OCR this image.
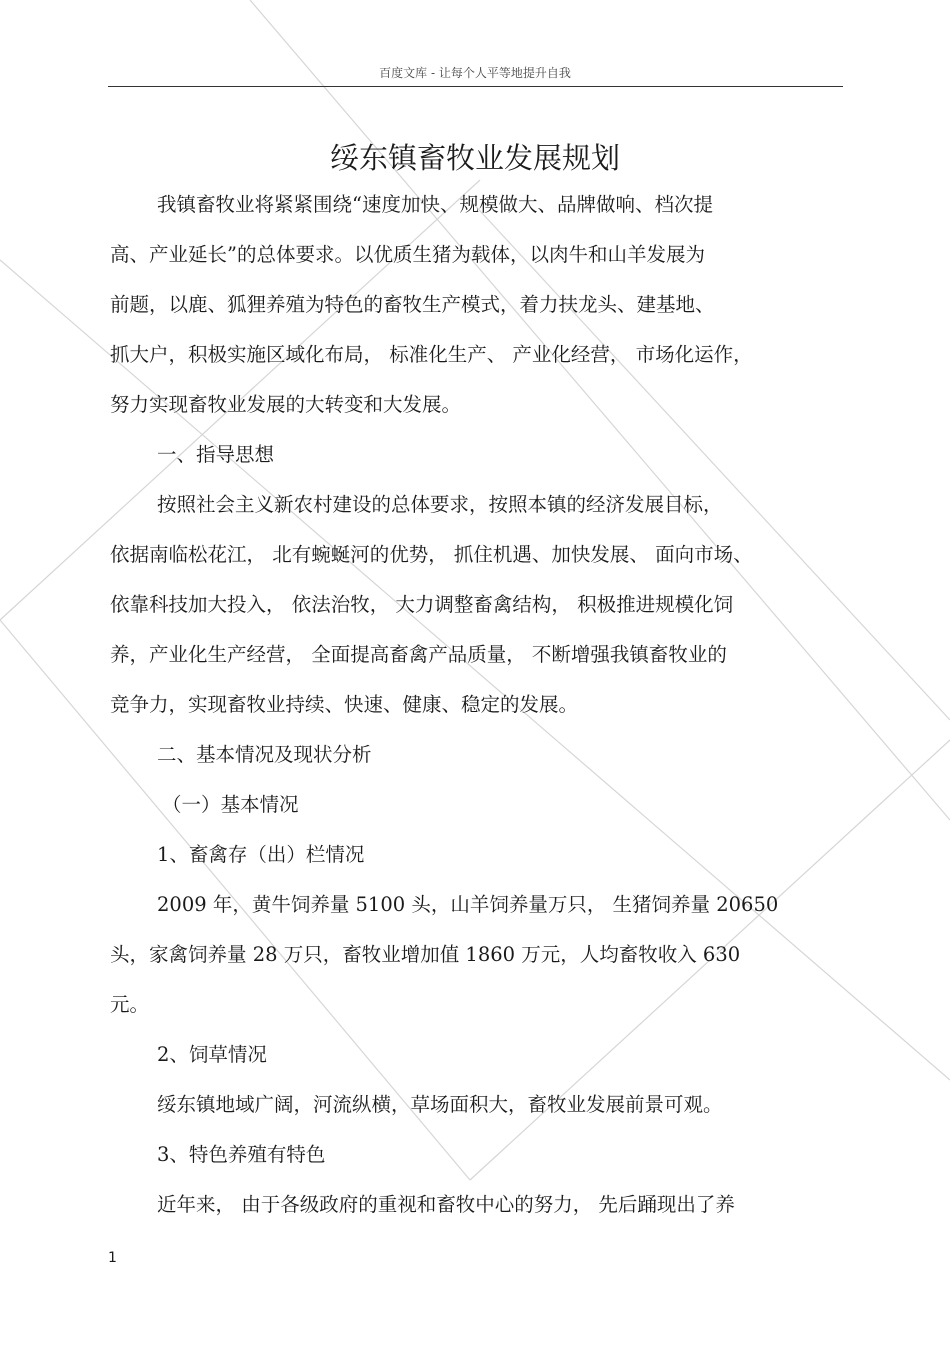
百度文库 - 让每个人平等地提升自我
绥东镇畜牧业发展规划
我镇畜牧业将紧紧围绕“速度加快、规模做大、品牌做响、档次提
高、产业延长”的总体要求。以优质生猪为载体，以肉牛和山羊发展为
前题，以鹿、狐狸养殖为特色的畜牧生产模式，着力扶龙头、建基地、
抓大户，积极实施区域化布局， 标准化生产、 产业化经营， 市场化运作，
努力实现畜牧业发展的大转变和大发展。
一、指导思想
按照社会主义新农村建设的总体要求，按照本镇的经济发展目标，
依据南临松花江， 北有蜿蜒河的优势， 抓住机遇、加快发展、 面向市场、
依靠科技加大投入， 依法治牧， 大力调整畜禽结构， 积极推进规模化饲
养，产业化生产经营， 全面提高畜禽产品质量， 不断增强我镇畜牧业的
竞争力，实现畜牧业持续、快速、健康、稳定的发展。
二、基本情况及现状分析
（一）基本情况
1、畜禽存（出）栏情况
2009 年，黄牛饲养量 5100 头，山羊饲养量万只， 生猪饲养量 20650
头，家禽饲养量 28 万只，畜牧业增加值 1860 万元，人均畜牧收入 630
元。
2、饲草情况
绥东镇地域广阔，河流纵横，草场面积大，畜牧业发展前景可观。
3、特色养殖有特色
近年来， 由于各级政府的重视和畜牧中心的努力， 先后踊现出了养
1
